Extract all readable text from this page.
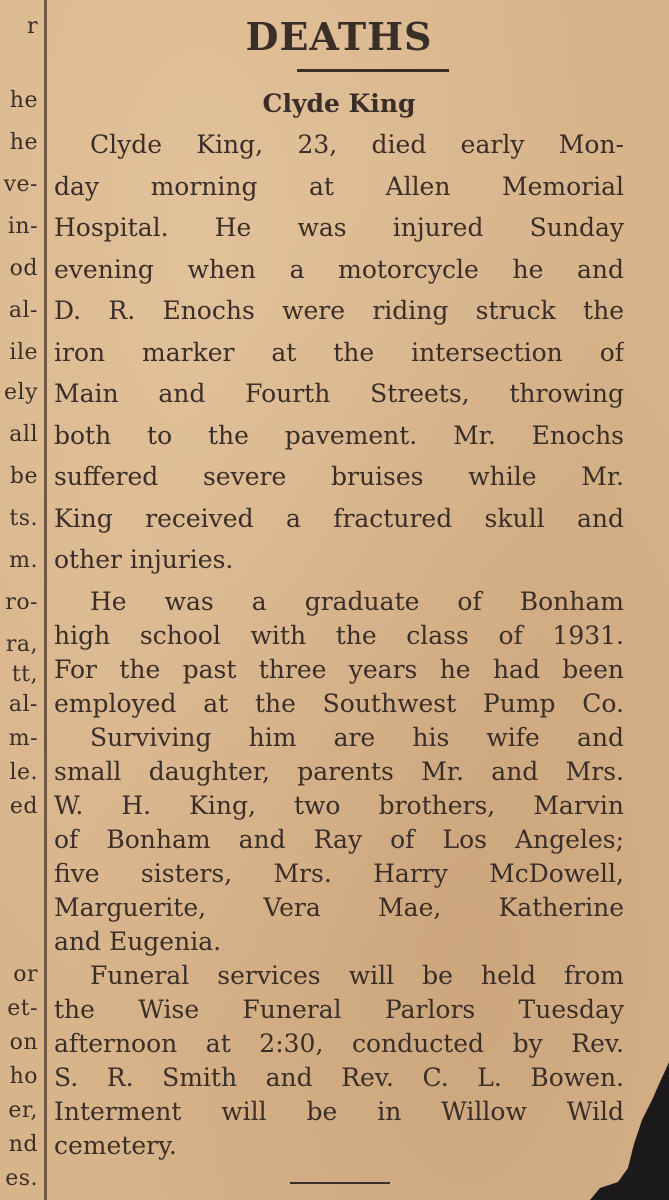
r
he
he
ve-
in-
od
al-
ile
ely
all
be
ts.
m.
ro-
ra,
tt,
al-
m-
le.
ed
or
et-
on
ho
er,
nd
es.
DEATHS
Clyde King
Clyde King, 23, died early Mon-
day morning at Allen Memorial
Hospital. He was injured Sunday
evening when a motorcycle he and
D. R. Enochs were riding struck the
iron marker at the intersection of
Main and Fourth Streets, throwing
both to the pavement. Mr. Enochs
suffered severe bruises while Mr.
King received a fractured skull and
other injuries.
He was a graduate of Bonham
high school with the class of 1931.
For the past three years he had been
employed at the Southwest Pump Co.
Surviving him are his wife and
small daughter, parents Mr. and Mrs.
W. H. King, two brothers, Marvin
of Bonham and Ray of Los Angeles;
five sisters, Mrs. Harry McDowell,
Marguerite, Vera Mae, Katherine
and Eugenia.
Funeral services will be held from
the Wise Funeral Parlors Tuesday
afternoon at 2:30, conducted by Rev.
S. R. Smith and Rev. C. L. Bowen.
Interment will be in Willow Wild
cemetery.
